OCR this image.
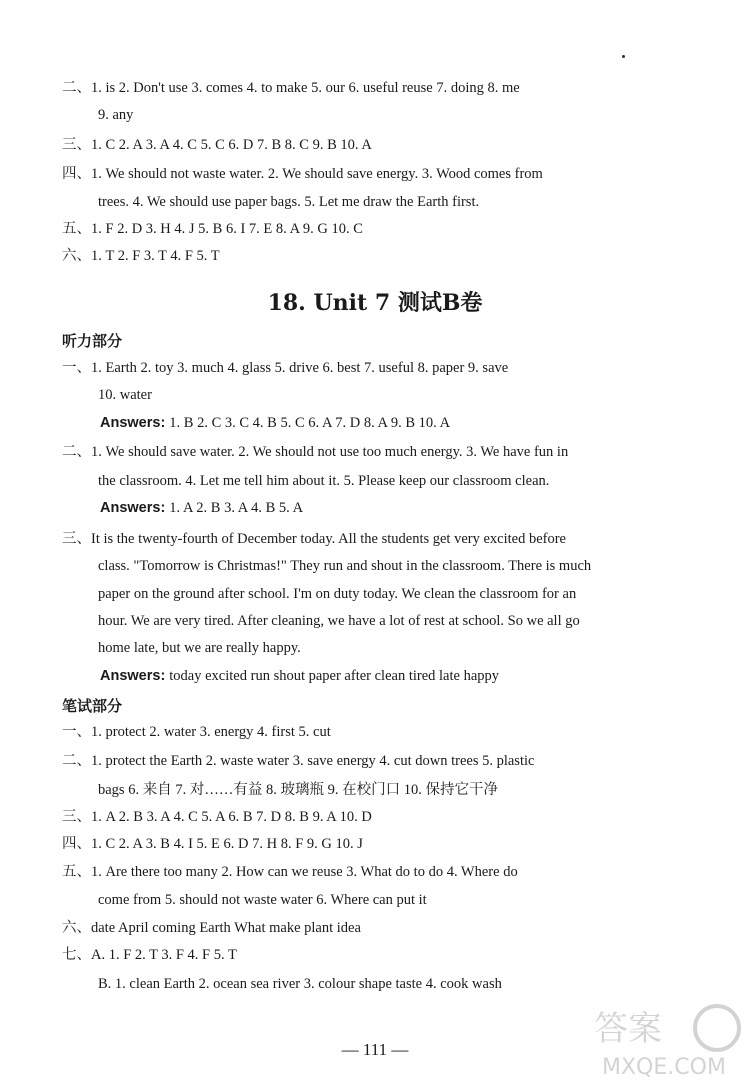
二、1. is 2. Don't use 3. comes 4. to make 5. our 6. useful reuse 7. doing 8. me
9. any
三、1. C 2. A 3. A 4. C 5. C 6. D 7. B 8. C 9. B 10. A
四、1. We should not waste water. 2. We should save energy. 3. Wood comes from
trees. 4. We should use paper bags. 5. Let me draw the Earth first.
五、1. F 2. D 3. H 4. J 5. B 6. I 7. E 8. A 9. G 10. C
六、1. T 2. F 3. T 4. F 5. T
18. Unit 7 测试B卷
听力部分
一、1. Earth 2. toy 3. much 4. glass 5. drive 6. best 7. useful 8. paper 9. save
10. water
Answers: 1. B 2. C 3. C 4. B 5. C 6. A 7. D 8. A 9. B 10. A
二、1. We should save water. 2. We should not use too much energy. 3. We have fun in
the classroom. 4. Let me tell him about it. 5. Please keep our classroom clean.
Answers: 1. A 2. B 3. A 4. B 5. A
三、It is the twenty-fourth of December today. All the students get very excited before
class. "Tomorrow is Christmas!" They run and shout in the classroom. There is much
paper on the ground after school. I'm on duty today. We clean the classroom for an
hour. We are very tired. After cleaning, we have a lot of rest at school. So we all go
home late, but we are really happy.
Answers: today excited run shout paper after clean tired late happy
笔试部分
一、1. protect 2. water 3. energy 4. first 5. cut
二、1. protect the Earth 2. waste water 3. save energy 4. cut down trees 5. plastic
bags 6. 来自 7. 对……有益 8. 玻璃瓶 9. 在校门口 10. 保持它干净
三、1. A 2. B 3. A 4. C 5. A 6. B 7. D 8. B 9. A 10. D
四、1. C 2. A 3. B 4. I 5. E 6. D 7. H 8. F 9. G 10. J
五、1. Are there too many 2. How can we reuse 3. What do to do 4. Where do
come from 5. should not waste water 6. Where can put it
六、date April coming Earth What make plant idea
七、A. 1. F 2. T 3. F 4. F 5. T
B. 1. clean Earth 2. ocean sea river 3. colour shape taste 4. cook wash
— 111 —
答案
MXQE.COM
